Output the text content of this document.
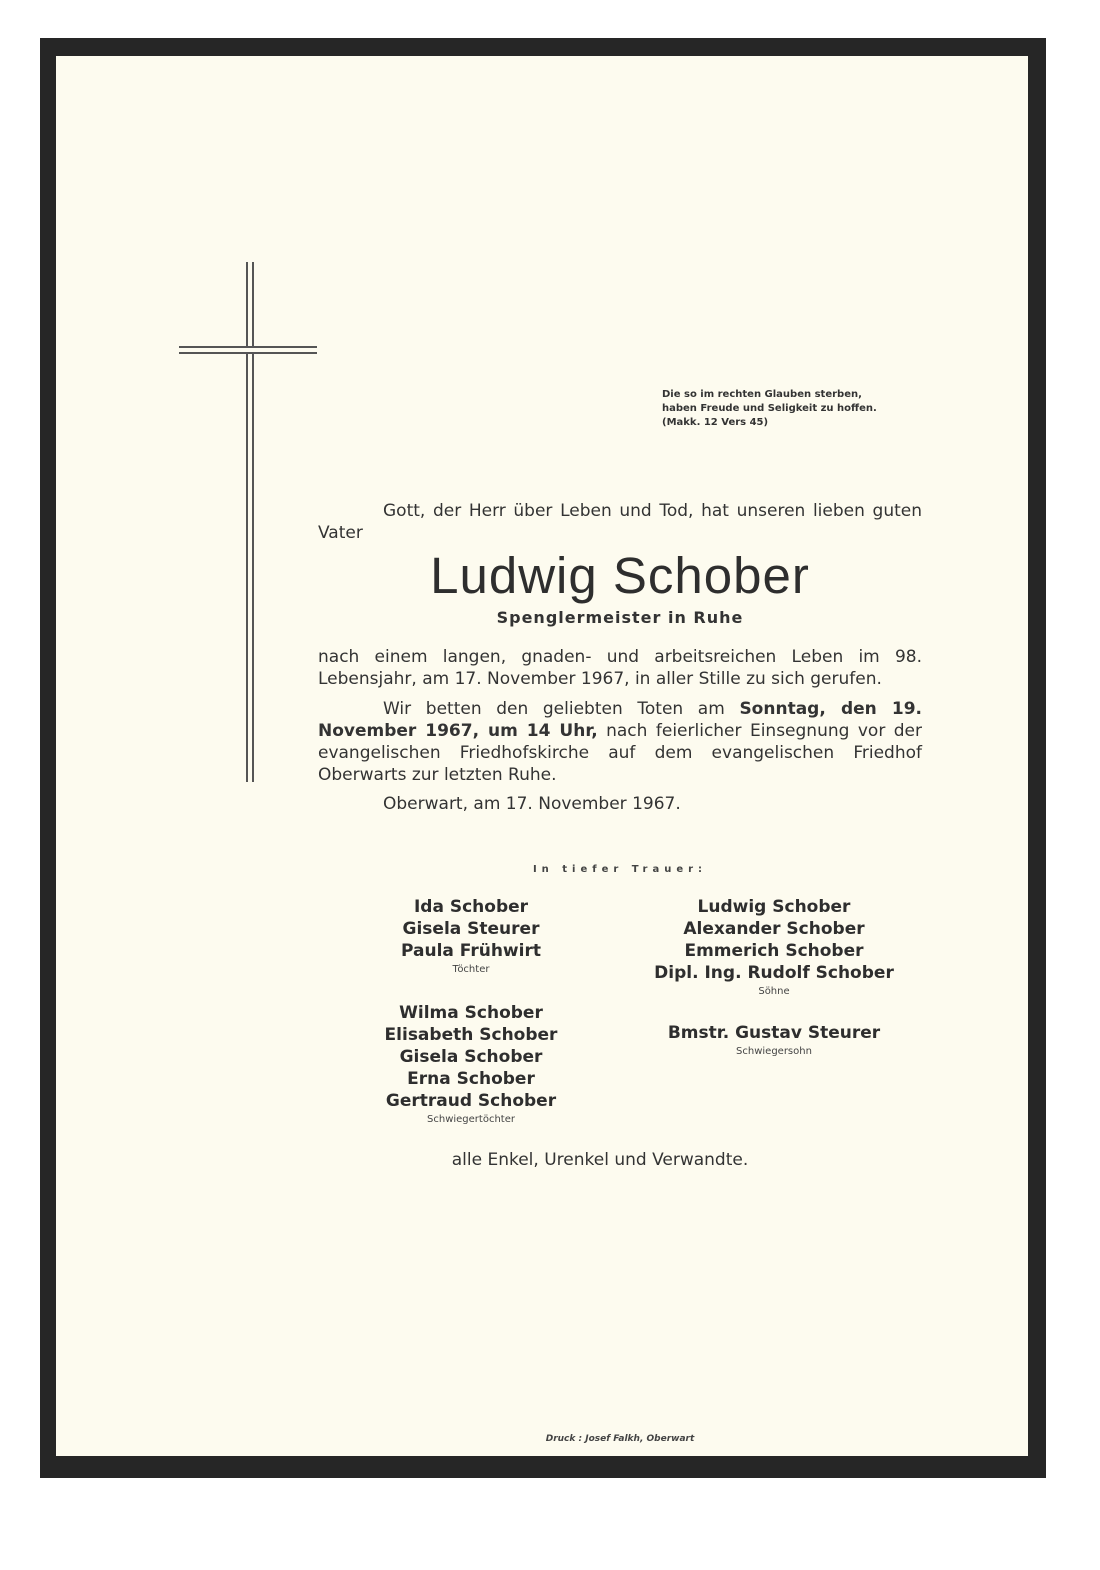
Die so im rechten Glauben sterben,
haben Freude und Seligkeit zu hoffen.
(Makk. 12 Vers 45)
Gott, der Herr über Leben und Tod, hat unseren lieben guten Vater
Ludwig Schober
Spenglermeister in Ruhe
nach einem langen, gnaden- und arbeitsreichen Leben im 98. Lebensjahr, am 17. November 1967, in aller Stille zu sich gerufen.
Wir betten den geliebten Toten am Sonntag, den 19. November 1967, um 14 Uhr, nach feierlicher Einsegnung vor der evangelischen Friedhofskirche auf dem evangelischen Friedhof Oberwarts zur letzten Ruhe.
Oberwart, am 17. November 1967.
In tiefer Trauer:
Ida Schober
Gisela Steurer
Paula Frühwirt
Töchter
Ludwig Schober
Alexander Schober
Emmerich Schober
Dipl. Ing. Rudolf Schober
Söhne
Wilma Schober
Elisabeth Schober
Gisela Schober
Erna Schober
Gertraud Schober
Schwiegertöchter
Bmstr. Gustav Steurer
Schwiegersohn
alle Enkel, Urenkel und Verwandte.
Druck : Josef Falkh, Oberwart
